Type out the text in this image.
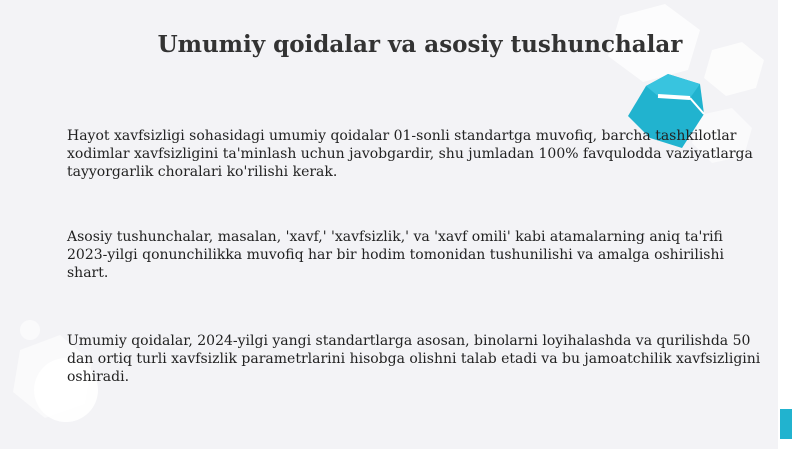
Umumiy qoidalar va asosiy tushunchalar

Hayot xavfsizligi sohasidagi umumiy qoidalar 01-sonli standartga muvofiq, barcha tashkilotlar xodimlar xavfsizligini ta'minlash uchun javobgardir, shu jumladan 100% favqulodda vaziyatlarga tayyorgarlik choralari ko'rilishi kerak.

Asosiy tushunchalar, masalan, 'xavf,' 'xavfsizlik,' va 'xavf omili' kabi atamalarning aniq ta'rifi 2023-yilgi qonunchilikka muvofiq har bir hodim tomonidan tushunilishi va amalga oshirilishi shart.

Umumiy qoidalar, 2024-yilgi yangi standartlarga asosan, binolarni loyihalashda va qurilishda 50 dan ortiq turli xavfsizlik parametrlarini hisobga olishni talab etadi va bu jamoatchilik xavfsizligini oshiradi.
